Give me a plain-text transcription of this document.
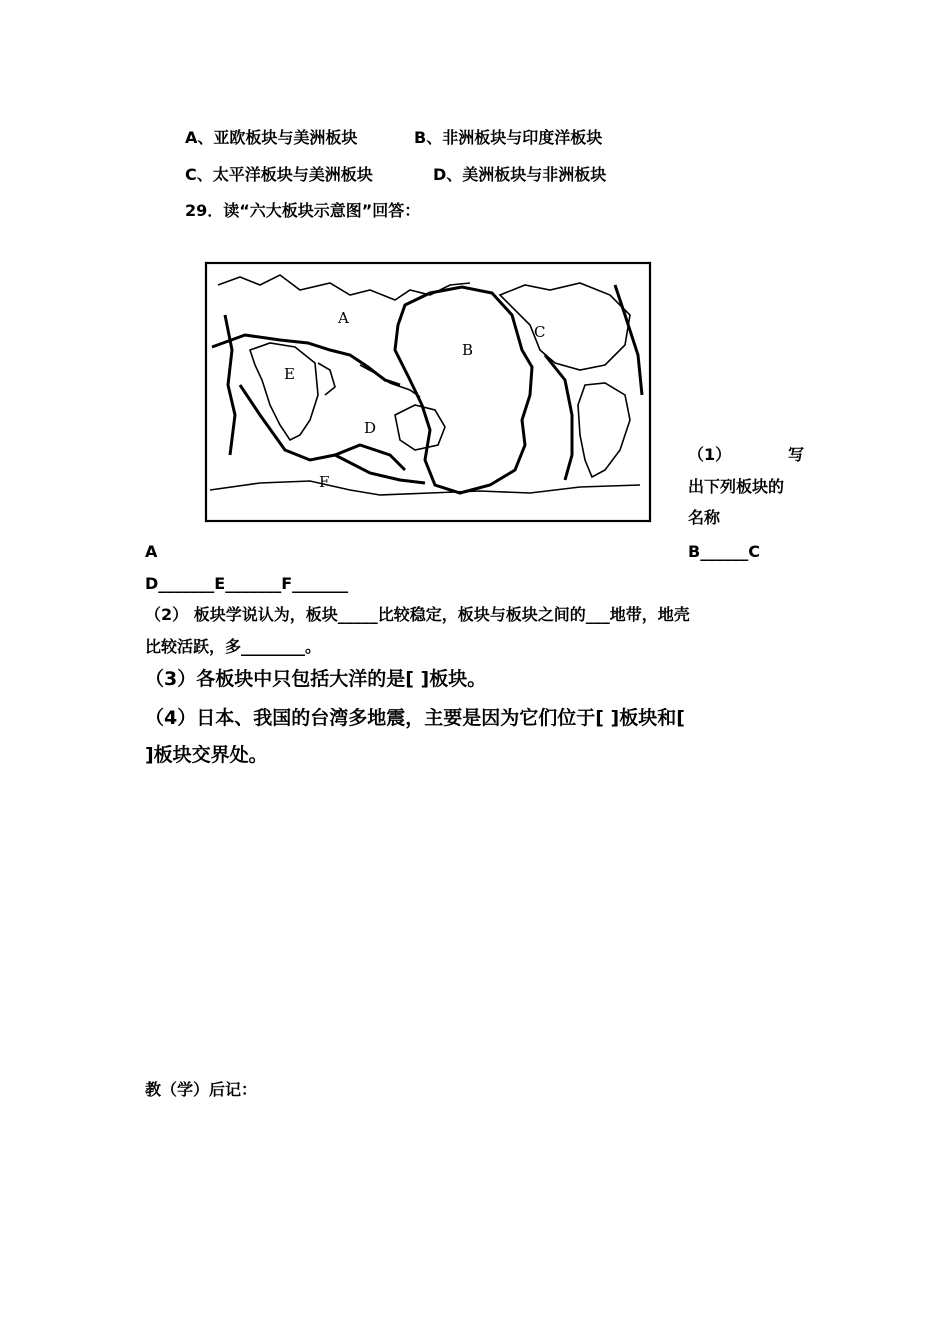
A、亚欧板块与美洲板块	B、非洲板块与印度洋板块
C、太平洋板块与美洲板块	D、美洲板块与非洲板块
29．读“六大板块示意图”回答：
A
B
C
D
E
F
（1）	写
出下列板块的
名称
A	B______C
D_______E_______F_______
（2） 板块学说认为，板块_____比较稳定，板块与板块之间的___地带，地壳
比较活跃，多________。
（3）各板块中只包括大洋的是[ ]板块。
（4）日本、我国的台湾多地震，主要是因为它们位于[ ]板块和[
]板块交界处。
教（学）后记：
